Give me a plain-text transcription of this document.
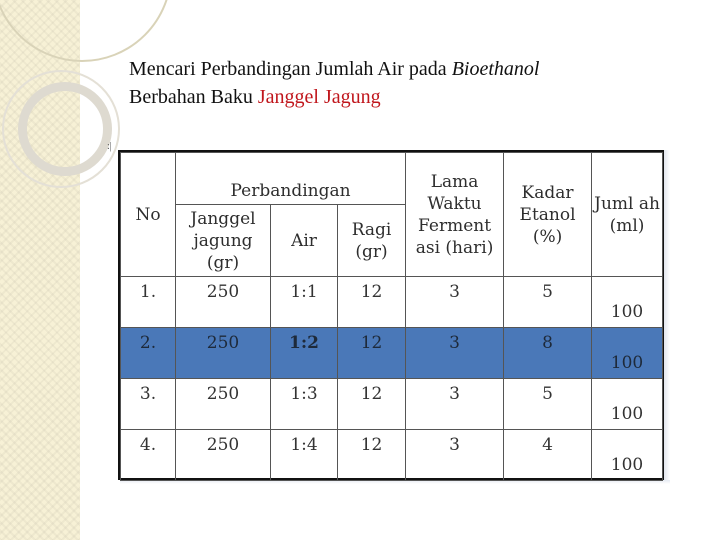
Mencari Perbandingan Jumlah Air pada Bioethanol
Berbahan Baku Janggel Jagung
:|
No	Perbandingan			Lama Waktu Ferment asi (hari)	Kadar Etanol (%)	Juml ah (ml)
	Janggel jagung (gr)	Air	Ragi (gr)			
1.	250	1:1	12	3	5	100
2.	250	1:2	12	3	8	100
3.	250	1:3	12	3	5	100
4.	250	1:4	12	3	4	100
